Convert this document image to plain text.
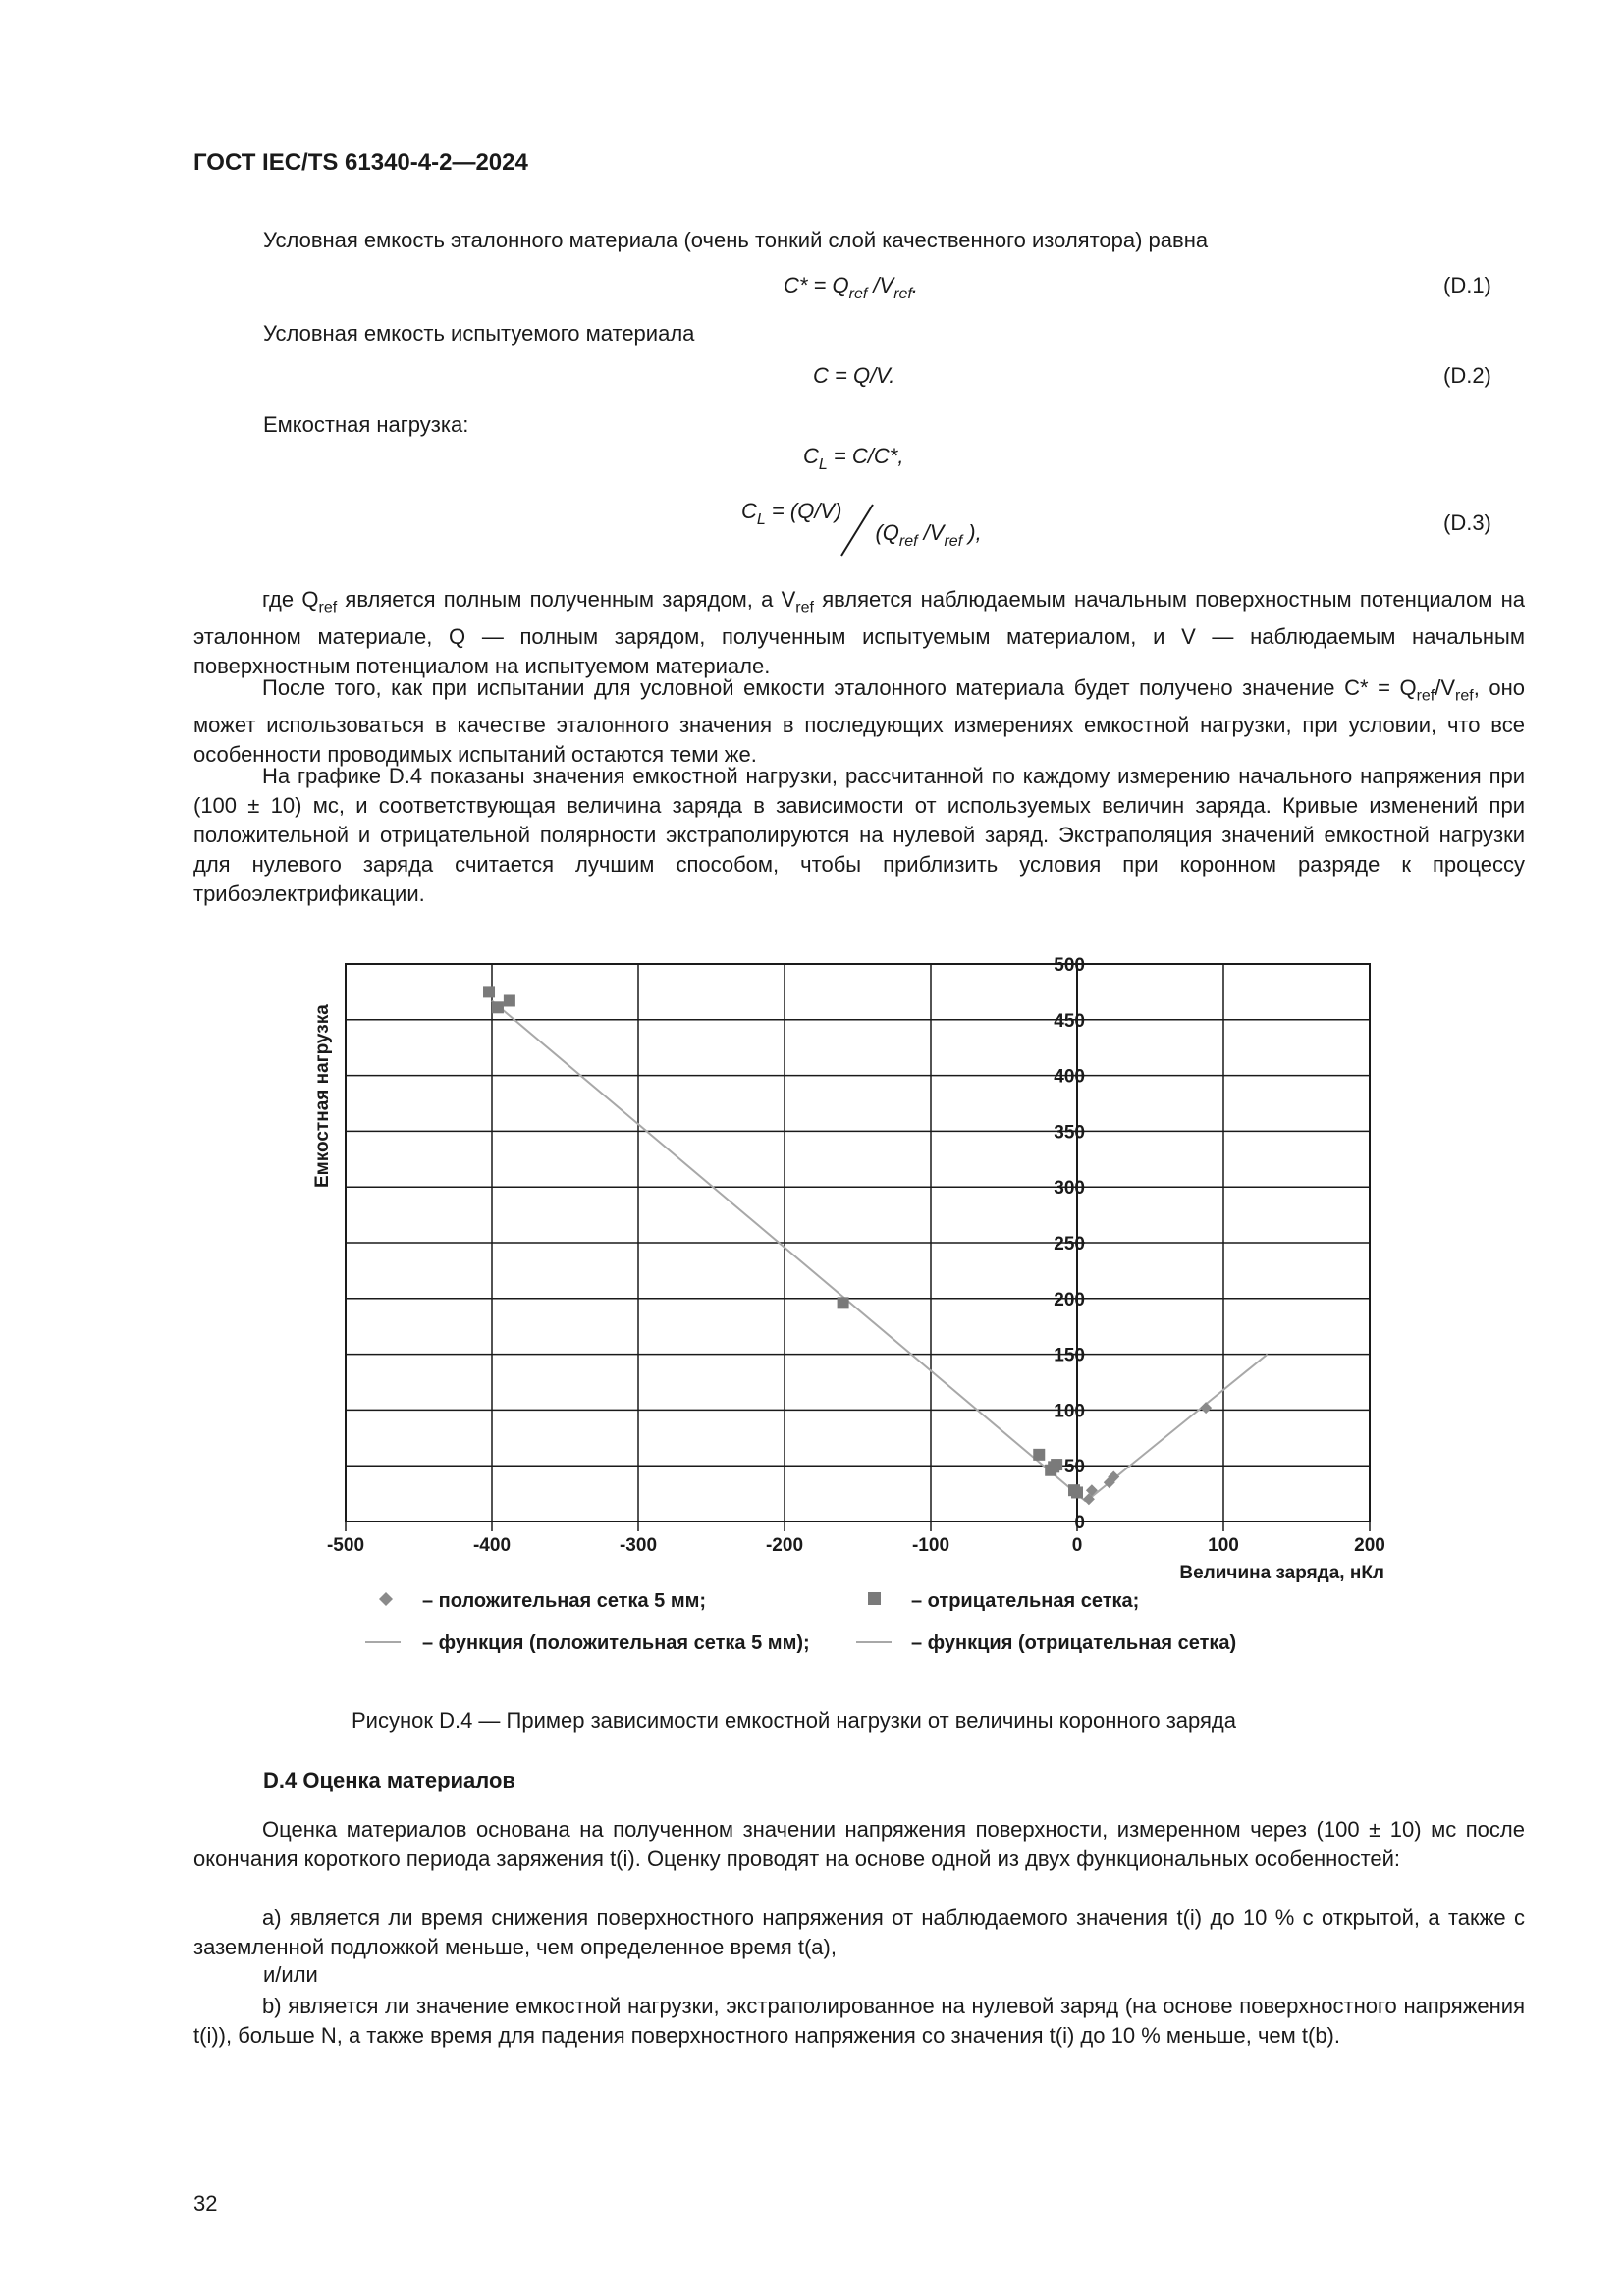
ГОСТ IEC/TS 61340-4-2—2024
Условная емкость эталонного материала (очень тонкий слой качественного изолятора) равна
$C* = Q_{ref}$ $/V_{ref}$.	(D.1)
Условная емкость испытуемого материала
C = Q/V.	(D.2)
Емкостная нагрузка:
$C_L = C/C*$,
$C_L = (Q/V)(Q_{ref}$ $/V_{ref}$ ),	(D.3)
где $Q_{ref}$ является полным полученным зарядом, а $V_{ref}$ является наблюдаемым начальным поверхностным потенциалом на эталонном материале, Q — полным зарядом, полученным испытуемым материалом, и V — наблюдаемым начальным поверхностным потенциалом на испытуемом материале.
После того, как при испытании для условной емкости эталонного материала будет получено значение $C* = Q_{ref}/V_{ref}$, оно может использоваться в качестве эталонного значения в последующих измерениях емкостной нагрузки, при условии, что все особенности проводимых испытаний остаются теми же.
На графике D.4 показаны значения емкостной нагрузки, рассчитанной по каждому измерению начального напряжения при (100 ± 10) мс, и соответствующая величина заряда в зависимости от используемых величин заряда. Кривые изменений при положительной и отрицательной полярности экстраполируются на нулевой заряд. Экстраполяция значений емкостной нагрузки для нулевого заряда считается лучшим способом, чтобы приблизить условия при коронном разряде к процессу трибоэлектрификации.
0
50
100
150
200
250
300
350
400
450
500
-500	-400	-300	-200	-100	0	100	200
Емкостная нагрузка
Величина заряда, нКл
– положительная сетка 5 мм;	– отрицательная сетка;
– функция (положительная сетка 5 мм);	– функция (отрицательная сетка)
Рисунок D.4 — Пример зависимости емкостной нагрузки от величины коронного заряда
D.4 Оценка материалов
Оценка материалов основана на полученном значении напряжения поверхности, измеренном через (100 ± 10) мс после окончания короткого периода заряжения t(i). Оценку проводят на основе одной из двух функциональных особенностей:
a) является ли время снижения поверхностного напряжения от наблюдаемого значения t(i) до 10 % с открытой, а также с заземленной подложкой меньше, чем определенное время t(a),
и/или
b) является ли значение емкостной нагрузки, экстраполированное на нулевой заряд (на основе поверхностного напряжения t(i)), больше N, а также время для падения поверхностного напряжения со значения t(i) до 10 % меньше, чем t(b).
32
